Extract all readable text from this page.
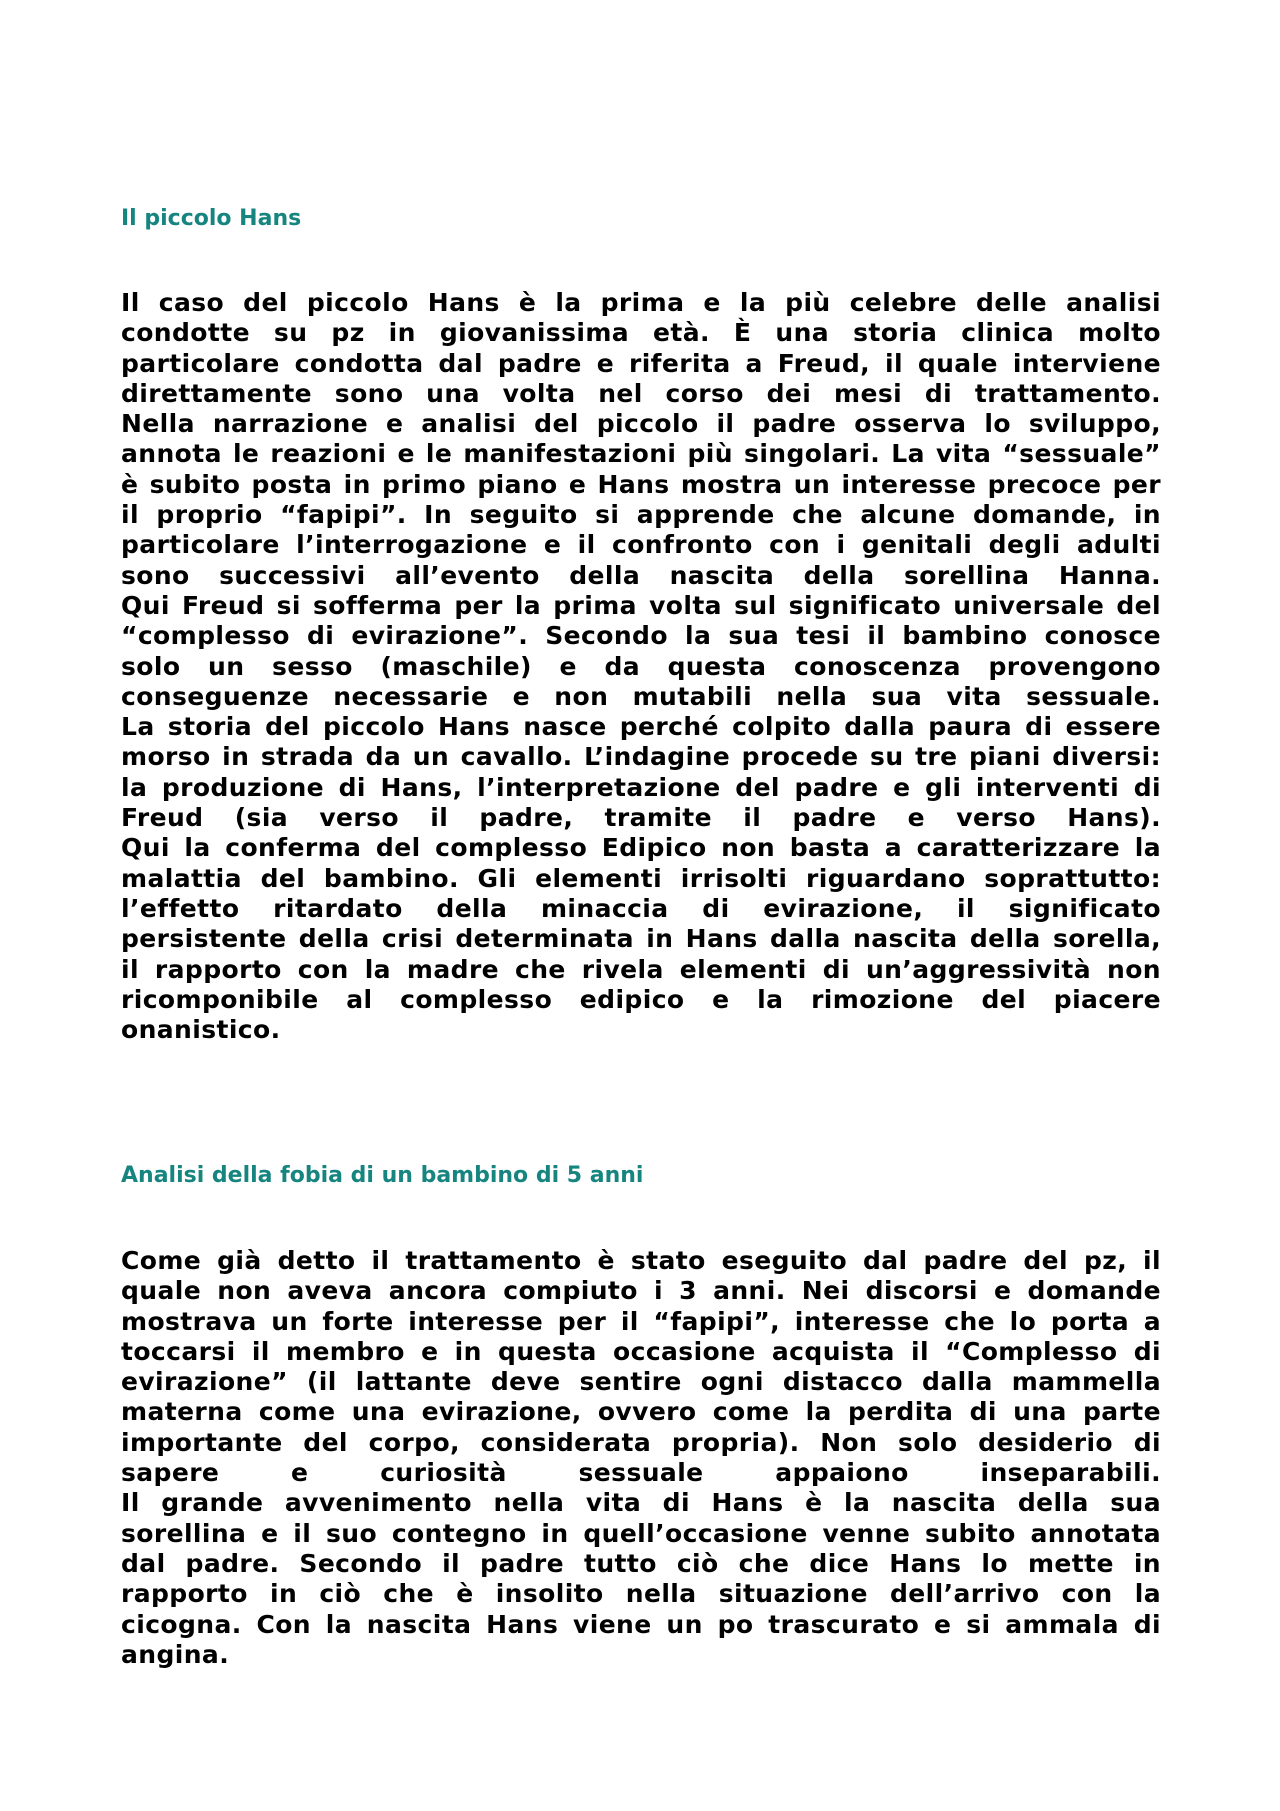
Il piccolo Hans
Il caso del piccolo Hans è la prima e la più celebre delle analisi
condotte su pz in giovanissima età. È una storia clinica molto
particolare condotta dal padre e riferita a Freud, il quale interviene
direttamente sono una volta nel corso dei mesi di trattamento.
Nella narrazione e analisi del piccolo il padre osserva lo sviluppo,
annota le reazioni e le manifestazioni più singolari. La vita “sessuale”
è subito posta in primo piano e Hans mostra un interesse precoce per
il proprio “fapipi”. In seguito si apprende che alcune domande, in
particolare l’interrogazione e il confronto con i genitali degli adulti
sono successivi all’evento della nascita della sorellina Hanna.
Qui Freud si sofferma per la prima volta sul significato universale del
“complesso di evirazione”. Secondo la sua tesi il bambino conosce
solo un sesso (maschile) e da questa conoscenza provengono
conseguenze necessarie e non mutabili nella sua vita sessuale.
La storia del piccolo Hans nasce perché colpito dalla paura di essere
morso in strada da un cavallo. L’indagine procede su tre piani diversi:
la produzione di Hans, l’interpretazione del padre e gli interventi di
Freud (sia verso il padre, tramite il padre e verso Hans).
Qui la conferma del complesso Edipico non basta a caratterizzare la
malattia del bambino. Gli elementi irrisolti riguardano soprattutto:
l’effetto ritardato della minaccia di evirazione, il significato
persistente della crisi determinata in Hans dalla nascita della sorella,
il rapporto con la madre che rivela elementi di un’aggressività non
ricomponibile al complesso edipico e la rimozione del piacere
onanistico.
Analisi della fobia di un bambino di 5 anni
Come già detto il trattamento è stato eseguito dal padre del pz, il
quale non aveva ancora compiuto i 3 anni. Nei discorsi e domande
mostrava un forte interesse per il “fapipi”, interesse che lo porta a
toccarsi il membro e in questa occasione acquista il “Complesso di
evirazione” (il lattante deve sentire ogni distacco dalla mammella
materna come una evirazione, ovvero come la perdita di una parte
importante del corpo, considerata propria). Non solo desiderio di
sapere e curiosità sessuale appaiono inseparabili.
Il grande avvenimento nella vita di Hans è la nascita della sua
sorellina e il suo contegno in quell’occasione venne subito annotata
dal padre. Secondo il padre tutto ciò che dice Hans lo mette in
rapporto in ciò che è insolito nella situazione dell’arrivo con la
cicogna. Con la nascita Hans viene un po trascurato e si ammala di
angina.
